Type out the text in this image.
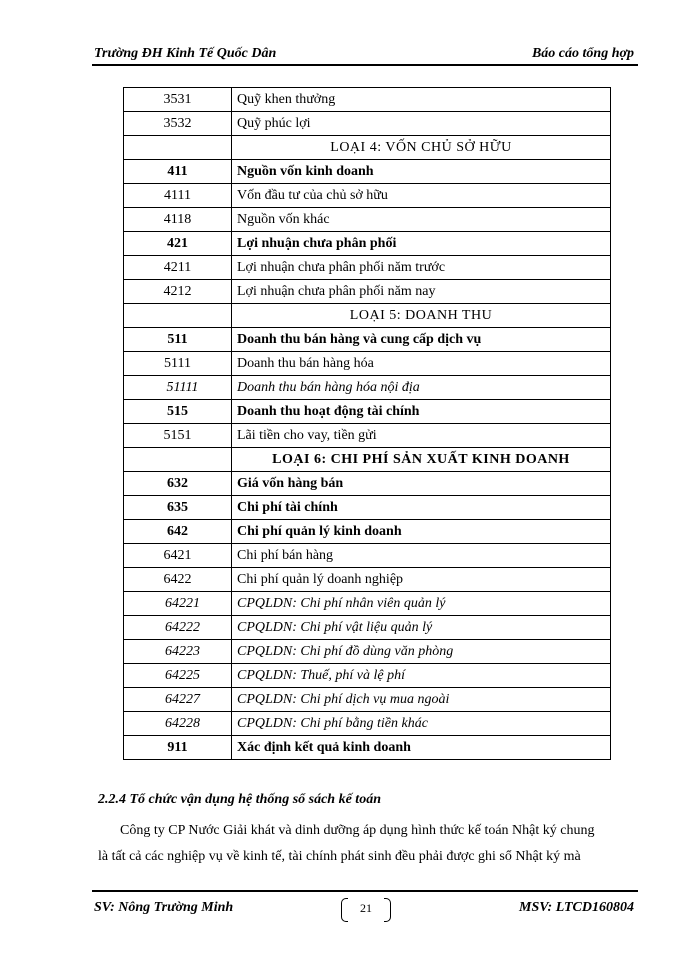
Trường ĐH Kinh Tế Quốc Dân	Báo cáo tổng hợp
3531	Quỹ khen thưởng
3532	Quỹ phúc lợi
	LOẠI 4: VỐN CHỦ SỞ HỮU
411	Nguồn vốn kinh doanh
4111	Vốn đầu tư của chủ sở hữu
4118	Nguồn vốn khác
421	Lợi nhuận chưa phân phối
4211	Lợi nhuận chưa phân phối năm trước
4212	Lợi nhuận chưa phân phối năm nay
	LOẠI 5: DOANH THU
511	Doanh thu bán hàng và cung cấp dịch vụ
5111	Doanh thu bán hàng hóa
51111	Doanh thu bán hàng hóa nội địa
515	Doanh thu hoạt động tài chính
5151	Lãi tiền cho vay, tiền gửi
	LOẠI 6: CHI PHÍ SẢN XUẤT KINH DOANH
632	Giá vốn hàng bán
635	Chi phí tài chính
642	Chi phí quản lý kinh doanh
6421	Chi phí bán hàng
6422	Chi phí quản lý doanh nghiệp
64221	CPQLDN: Chi phí nhân viên quản lý
64222	CPQLDN: Chi phí vật liệu quản lý
64223	CPQLDN: Chi phí đồ dùng văn phòng
64225	CPQLDN: Thuế, phí và lệ phí
64227	CPQLDN: Chi phí dịch vụ mua ngoài
64228	CPQLDN: Chi phí bằng tiền khác
911	Xác định kết quả kinh doanh
2.2.4 Tổ chức vận dụng hệ thống sổ sách kế toán

Công ty CP Nước Giải khát và dinh dưỡng áp dụng hình thức kế toán Nhật ký chung

là tất cả các nghiệp vụ về kinh tế, tài chính phát sinh đều phải được ghi sổ Nhật ký mà

SV: Nông Trường Minh	MSV: LTCD160804
21
